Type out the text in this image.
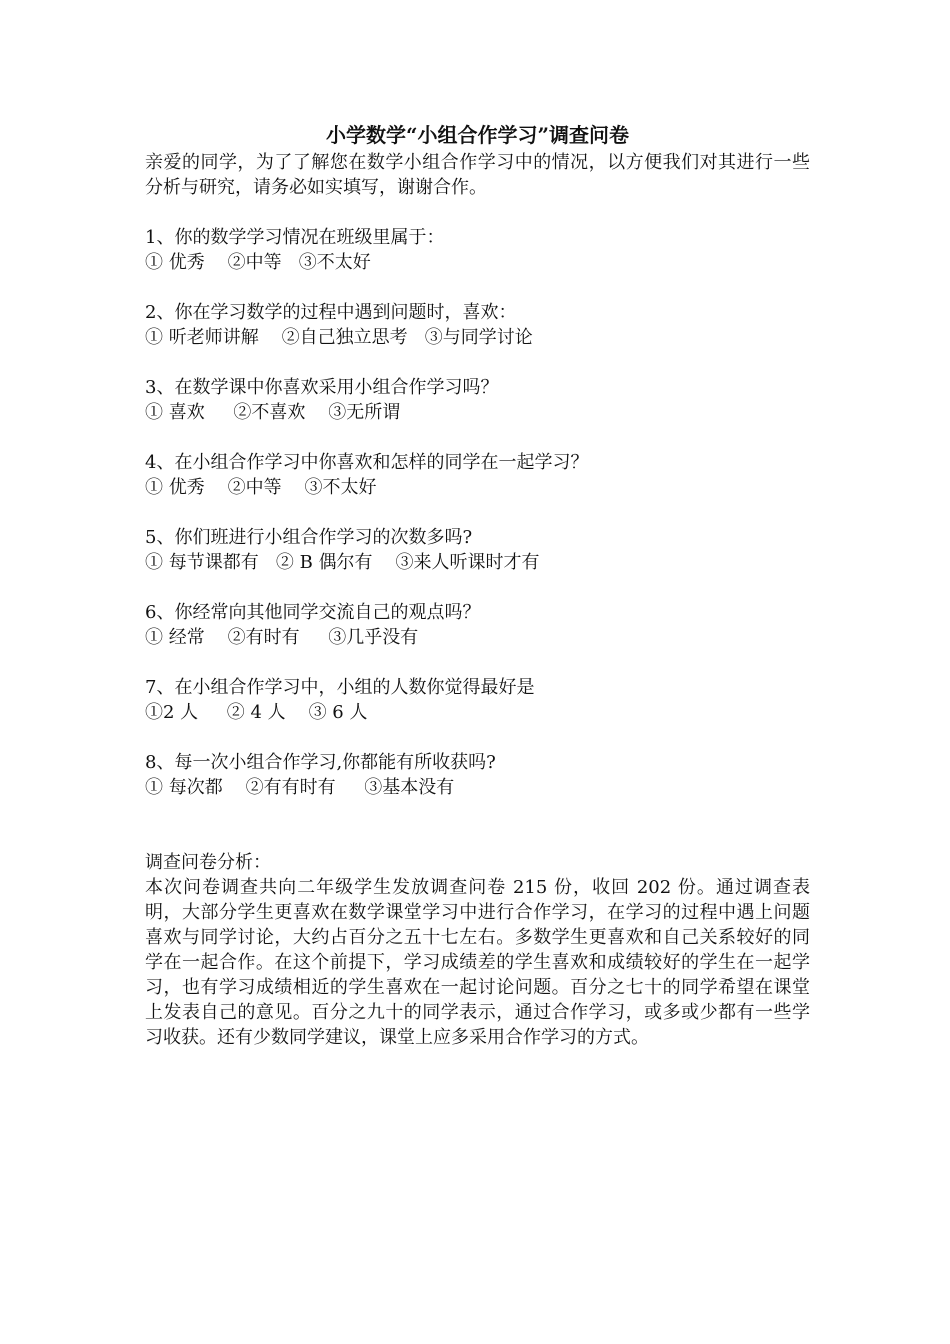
小学数学“小组合作学习”调查问卷

亲爱的同学，为了了解您在数学小组合作学习中的情况，以方便我们对其进行一些分析与研究，请务必如实填写，谢谢合作。

1、你的数学学习情况在班级里属于：

① 优秀    ②中等   ③不太好

2、你在学习数学的过程中遇到问题时，喜欢：

① 听老师讲解    ②自己独立思考   ③与同学讨论

3、在数学课中你喜欢采用小组合作学习吗？

① 喜欢     ②不喜欢    ③无所谓

4、在小组合作学习中你喜欢和怎样的同学在一起学习？

① 优秀    ②中等    ③不太好

5、你们班进行小组合作学习的次数多吗?

① 每节课都有   ② B 偶尔有    ③来人听课时才有

6、你经常向其他同学交流自己的观点吗？

① 经常    ②有时有     ③几乎没有

7、在小组合作学习中，小组的人数你觉得最好是

①2 人     ② 4 人    ③ 6 人

8、每一次小组合作学习,你都能有所收获吗?

① 每次都    ②有有时有     ③基本没有

调查问卷分析：

本次问卷调查共向二年级学生发放调查问卷 215 份，收回 202 份。通过调查表明，大部分学生更喜欢在数学课堂学习中进行合作学习，在学习的过程中遇上问题喜欢与同学讨论，大约占百分之五十七左右。多数学生更喜欢和自己关系较好的同学在一起合作。在这个前提下，学习成绩差的学生喜欢和成绩较好的学生在一起学习，也有学习成绩相近的学生喜欢在一起讨论问题。百分之七十的同学希望在课堂上发表自己的意见。百分之九十的同学表示，通过合作学习，或多或少都有一些学习收获。还有少数同学建议，课堂上应多采用合作学习的方式。
